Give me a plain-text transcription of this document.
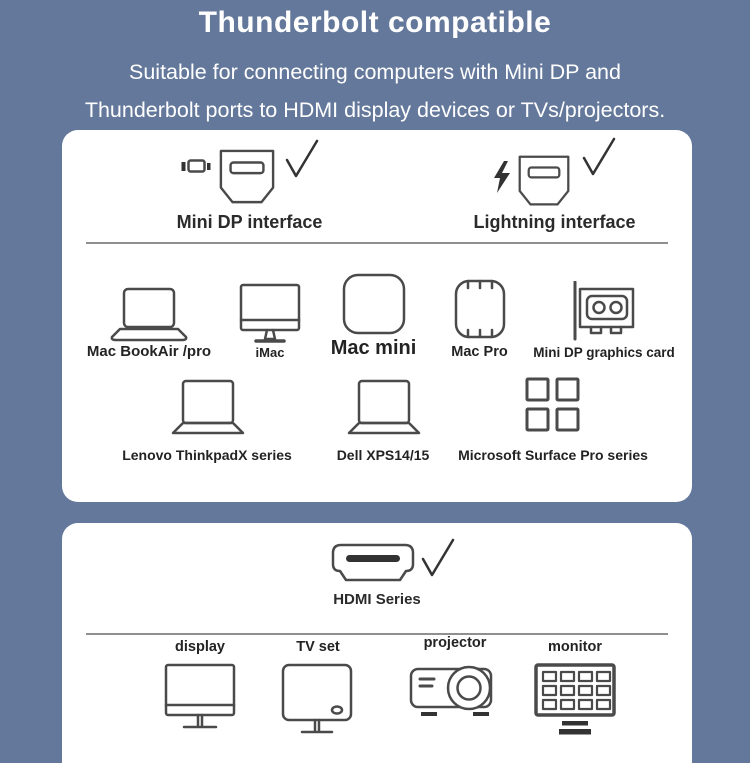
Thunderbolt compatible
Suitable for connecting computers with Mini DP and
Thunderbolt ports to HDMI display devices or TVs/projectors.
Mini DP interface	Lightning interface
Mac BookAir /pro	iMac Mac mini Mac Pro Mini DP graphics card
Lenovo ThinkpadX series	Dell XPS14/15 Microsoft Surface Pro series
HDMI Series
display	TV set	projector	monitor
